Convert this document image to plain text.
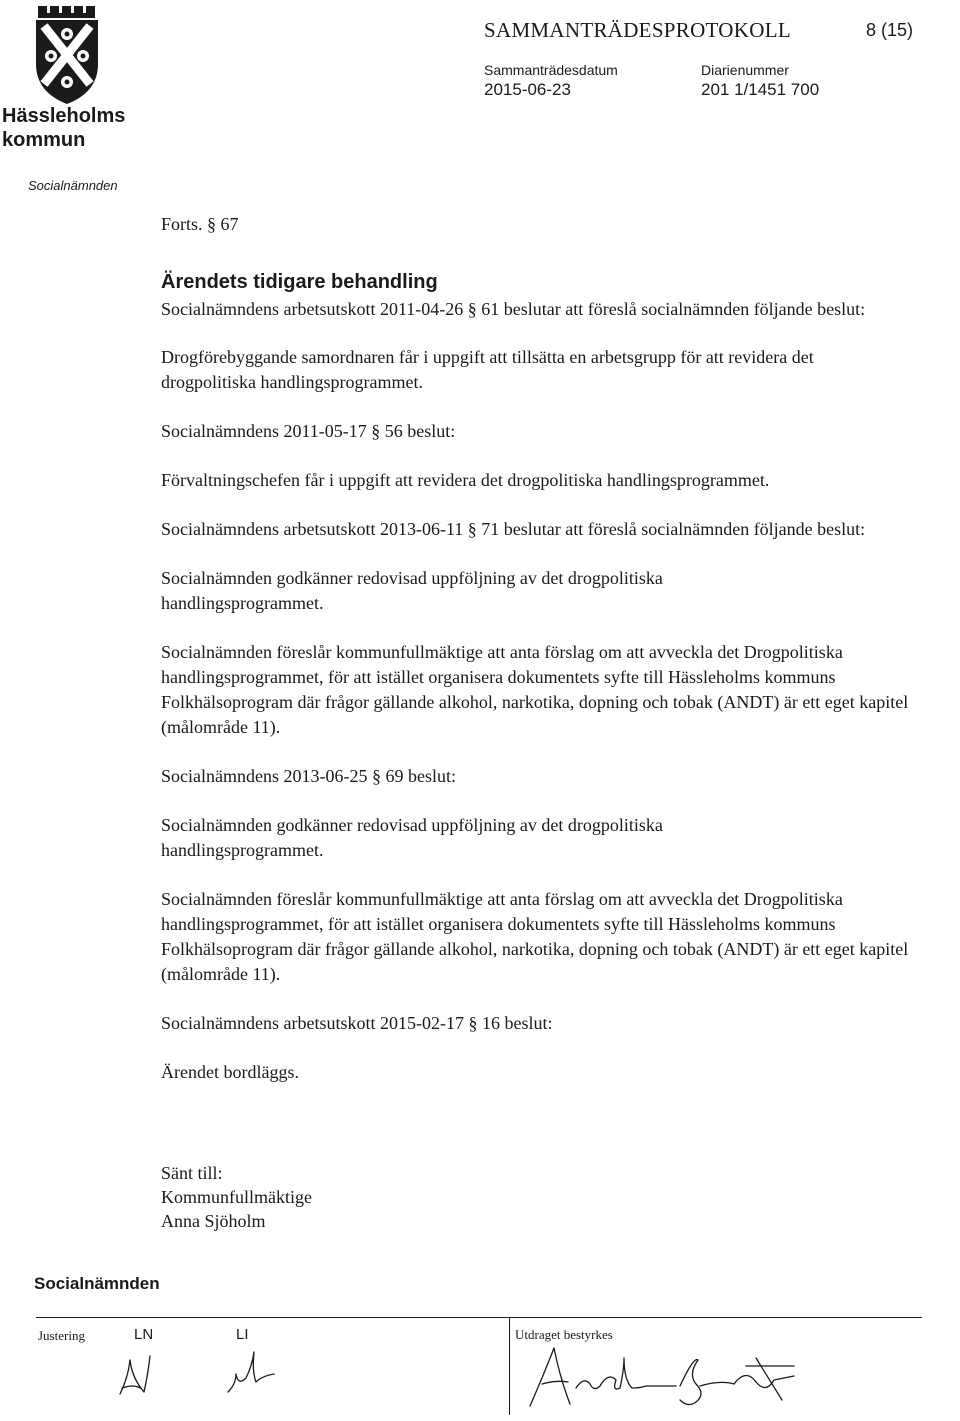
Hässleholms
kommun
Socialnämnden
SAMMANTRÄDESPROTOKOLL	8 (15)
Sammanträdesdatum
2015-06-23
Diarienummer
201 1/1451 700

Forts. § 67

Ärendets tidigare behandling

Socialnämndens arbetsutskott 2011-04-26 § 61 beslutar att föreslå socialnämnden följande beslut:

Drogförebyggande samordnaren får i uppgift att tillsätta en arbetsgrupp för att revidera det drogpolitiska handlingsprogrammet.

Socialnämndens 2011-05-17 § 56 beslut:

Förvaltningschefen får i uppgift att revidera det drogpolitiska handlingsprogrammet.

Socialnämndens arbetsutskott 2013-06-11 § 71 beslutar att föreslå socialnämnden följande beslut:

Socialnämnden godkänner redovisad uppföljning av det drogpolitiska handlingsprogrammet.

Socialnämnden föreslår kommunfullmäktige att anta förslag om att avveckla det Drogpolitiska handlingsprogrammet, för att istället organisera dokumentets syfte till Hässleholms kommuns Folkhälsoprogram där frågor gällande alkohol, narkotika, dopning och tobak (ANDT) är ett eget kapitel (målområde 11).

Socialnämndens 2013-06-25 § 69 beslut:

Socialnämnden godkänner redovisad uppföljning av det drogpolitiska handlingsprogrammet.

Socialnämnden föreslår kommunfullmäktige att anta förslag om att avveckla det Drogpolitiska handlingsprogrammet, för att istället organisera dokumentets syfte till Hässleholms kommuns Folkhälsoprogram där frågor gällande alkohol, narkotika, dopning och tobak (ANDT) är ett eget kapitel (målområde 11).

Socialnämndens arbetsutskott 2015-02-17 § 16 beslut:

Ärendet bordläggs.

Sänt till:
Kommunfullmäktige
Anna Sjöholm
Socialnämnden
Justering	LN	LI	Utdraget bestyrkes
